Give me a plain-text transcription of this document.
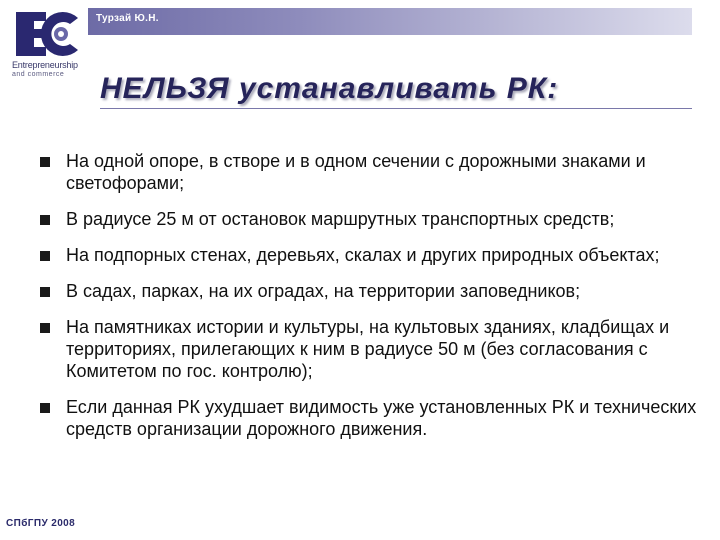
Турзай Ю.Н.
Entrepreneurship
and commerce НЕЛЬЗЯ устанавливать РК:
На одной опоре, в створе и в одном сечении с дорожными знаками и светофорами;
В радиусе 25 м от остановок маршрутных транспортных средств;
На подпорных стенах, деревьях, скалах и других природных объектах;
В садах, парках, на их оградах, на территории заповедников;
На памятниках истории и культуры, на культовых зданиях, кладбищах и территориях, прилегающих к ним в радиусе 50 м (без согласования с Комитетом по гос. контролю);
Если данная РК ухудшает видимость уже установленных РК и технических средств организации дорожного движения.
СПбГПУ 2008
